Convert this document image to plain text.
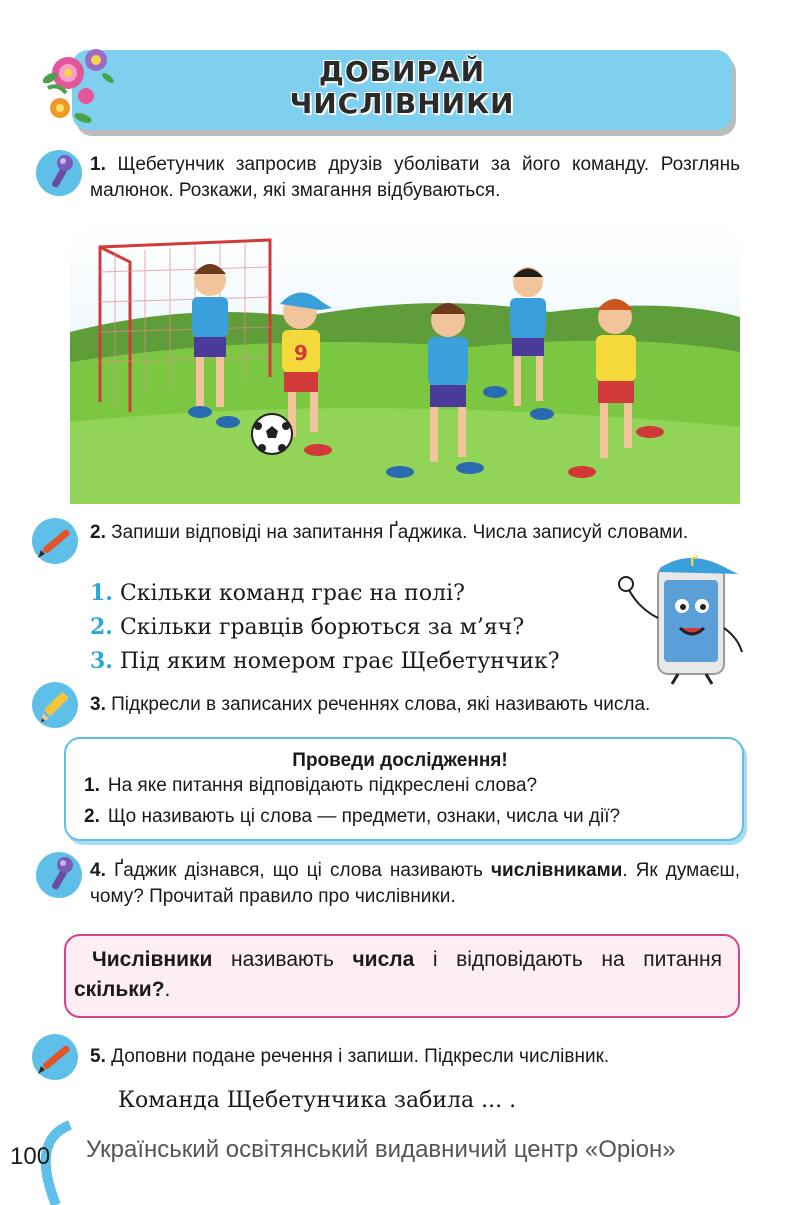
ДОБИРАЙ
ЧИСЛІВНИКИ
1. Щебетунчик запросив друзів уболівати за його команду. Розглянь малюнок. Розкажи, які змагання відбуваються.
9
2. Запиши відповіді на запитання Ґаджика. Числа записуй словами.
1. Скільки команд грає на полі?
2. Скільки гравців борються за м’яч?
3. Під яким номером грає Щебетунчик?
Ґ
3. Підкресли в записаних реченнях слова, які називають числа.
Проведи дослідження!
1. На яке питання відповідають підкреслені слова?
2. Що називають ці слова — предмети, ознаки, числа чи дії?
4. Ґаджик дізнався, що ці слова називають числівниками. Як думаєш, чому? Прочитай правило про числівники.
Числівники називають числа і відповідають на питання скільки?.
5. Доповни подане речення і запиши. Підкресли числівник.
Команда Щебетунчика забила ... .
100 Український освітянський видавничий центр «Оріон»
